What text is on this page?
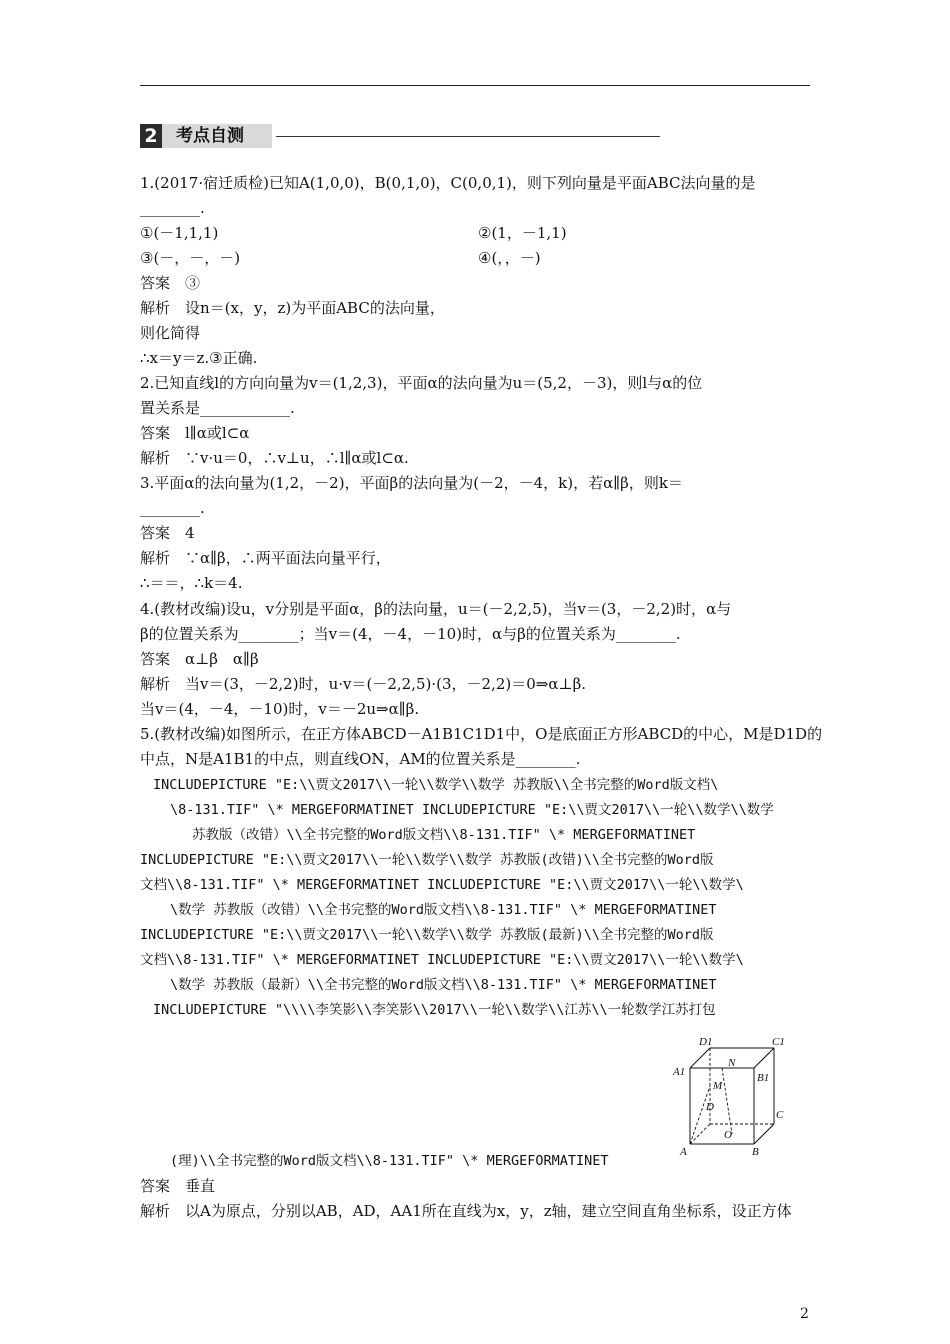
2	考点自测
1.(2017·宿迁质检)已知A(1,0,0)，B(0,1,0)，C(0,0,1)，则下列向量是平面ABC法向量的是
________.
①(－1,1,1)	②(1，－1,1)
③(－，－，－)	④(，，－)
答案　③
解析　设n＝(x，y，z)为平面ABC的法向量，
则化简得
∴x＝y＝z.③正确.
2.已知直线l的方向向量为v＝(1,2,3)，平面α的法向量为u＝(5,2，－3)，则l与α的位
置关系是____________.
答案　l∥α或l⊂α
解析　∵v·u＝0，∴v⊥u，∴l∥α或l⊂α.
3.平面α的法向量为(1,2，－2)，平面β的法向量为(－2，－4，k)，若α∥β，则k＝
________.
答案　4
解析　∵α∥β，∴两平面法向量平行，
∴＝＝，∴k＝4.
4.(教材改编)设u，v分别是平面α，β的法向量，u＝(－2,2,5)，当v＝(3，－2,2)时，α与
β的位置关系为________；当v＝(4，－4，－10)时，α与β的位置关系为________.
答案　α⊥β　α∥β
解析　当v＝(3，－2,2)时，u·v＝(－2,2,5)·(3，－2,2)＝0⇒α⊥β.
当v＝(4，－4，－10)时，v＝－2u⇒α∥β.
5.(教材改编)如图所示，在正方体ABCD－A1B1C1D1中，O是底面正方形ABCD的中心，M是D1D的
中点，N是A1B1的中点，则直线ON，AM的位置关系是________.
INCLUDEPICTURE "E:\\贾文2017\\一轮\\数学\\数学 苏教版\\全书完整的Word版文档\
\8-131.TIF" \* MERGEFORMATINET INCLUDEPICTURE "E:\\贾文2017\\一轮\\数学\\数学
苏教版（改错）\\全书完整的Word版文档\\8-131.TIF" \* MERGEFORMATINET
INCLUDEPICTURE "E:\\贾文2017\\一轮\\数学\\数学 苏教版(改错)\\全书完整的Word版
文档\\8-131.TIF" \* MERGEFORMATINET INCLUDEPICTURE "E:\\贾文2017\\一轮\\数学\
\数学 苏教版（改错）\\全书完整的Word版文档\\8-131.TIF" \* MERGEFORMATINET
INCLUDEPICTURE "E:\\贾文2017\\一轮\\数学\\数学 苏教版(最新)\\全书完整的Word版
文档\\8-131.TIF" \* MERGEFORMATINET INCLUDEPICTURE "E:\\贾文2017\\一轮\\数学\
\数学 苏教版（最新）\\全书完整的Word版文档\\8-131.TIF" \* MERGEFORMATINET
INCLUDEPICTURE "\\\\李笑影\\李笑影\\2017\\一轮\\数学\\江苏\\一轮数学江苏打包
D1	C1
A1	B1
N
M
D
C
O
A	B
(理)\\全书完整的Word版文档\\8-131.TIF" \* MERGEFORMATINET
答案　垂直
解析　以A为原点，分别以AB，AD，AA1所在直线为x，y，z轴，建立空间直角坐标系，设正方体
2
